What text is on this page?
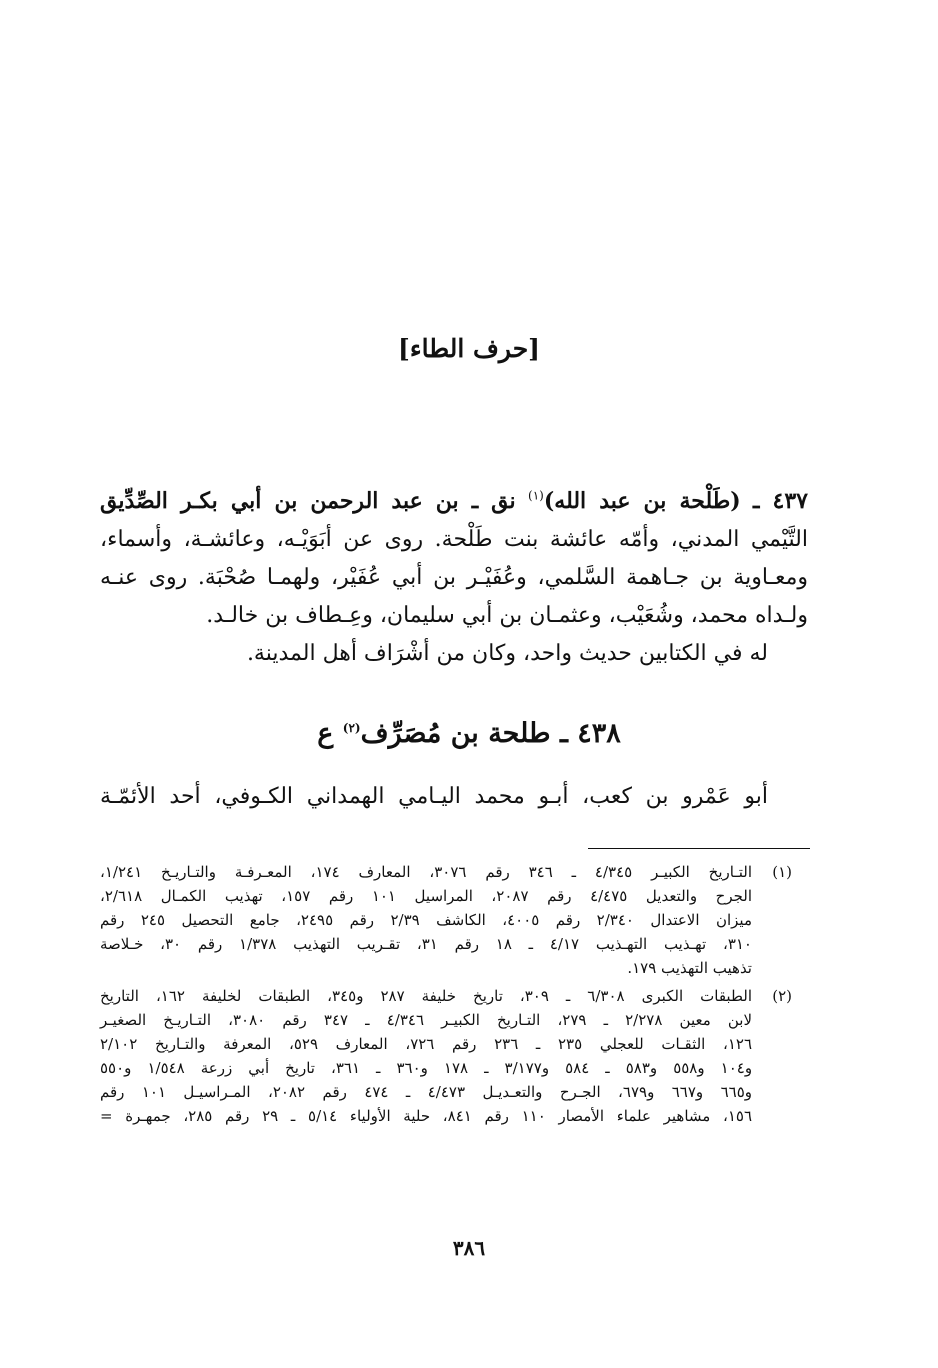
[حرف الطاء]
٤٣٧ ـ (طَلْحة بن عبد الله)$^{(١)}$ نق ـ بن عبد الرحمن بن أبي بكـر الصِّدِّيق
التَّيْمي المدني، وأمّه عائشة بنت طَلْحة. روى عن أبَوَيْـه، وعائشـة، وأسماء،
ومعـاوية بن جـاهمة السَّلمي، وعُفَيْـر بن أبي عُفَيْر، ولهمـا صُحْبَة. روى عنـه
ولـداه محمد، وشُعَيْب، وعثمـان بن أبي سليمان، وعِـطاف بن خالـد.
له في الكتابين حديث واحد، وكان من أشْرَاف أهل المدينة.
٤٣٨ ـ طلحة بن مُصَرِّف$^{(٢)}$ ع
أبو عَمْرو بن كعب، أبـو محمد اليـامي الهمداني الكـوفي، أحد الأئمّـة
(١)
التـاريخ الكبيـر ٤/٣٤٥ ـ ٣٤٦ رقم ٣٠٧٦، المعارف ١٧٤، المعـرفـة والتـاريـخ ١/٢٤١،
الجرح والتعديل ٤/٤٧٥ رقم ٢٠٨٧، المراسيل ١٠١ رقم ١٥٧، تهذيب الكمـال ٢/٦١٨،
ميزان الاعتدال ٢/٣٤٠ رقم ٤٠٠٥، الكاشف ٢/٣٩ رقم ٢٤٩٥، جامع التحصيل ٢٤٥ رقم
٣١٠، تهـذيب التهـذيب ٤/١٧ ـ ١٨ رقم ٣١، تقـريب التهذيب ١/٣٧٨ رقم ٣٠، خـلاصة
تذهيب التهذيب ١٧٩.
(٢)
الطبقات الكبرى ٦/٣٠٨ ـ ٣٠٩، تاريخ خليفة ٢٨٧ و٣٤٥، الطبقات لخليفة ١٦٢، التاريخ
لابن معين ٢/٢٧٨ ـ ٢٧٩، التـاريخ الكبيـر ٤/٣٤٦ ـ ٣٤٧ رقم ٣٠٨٠، التـاريـخ الصغيـر
١٢٦، الثقـات للعجلي ٢٣٥ ـ ٢٣٦ رقم ٧٢٦، المعارف ٥٢٩، المعرفة والتـاريخ ٢/١٠٢
و١٠٤ و٥٥٨ و٥٨٣ ـ ٥٨٤ و٣/١٧٧ ـ ١٧٨ و٣٦٠ ـ ٣٦١، تاريخ أبي زرعة ١/٥٤٨ و٥٥٠
و٦٦٥ و٦٦٧ و٦٧٩، الجـرح والتعـديـل ٤/٤٧٣ ـ ٤٧٤ رقم ٢٠٨٢، المـراسيـل ١٠١ رقم
١٥٦، مشاهير علماء الأمصار ١١٠ رقم ٨٤١، حلية الأولياء ٥/١٤ ـ ٢٩ رقم ٢٨٥، جمهـرة =
٣٨٦
